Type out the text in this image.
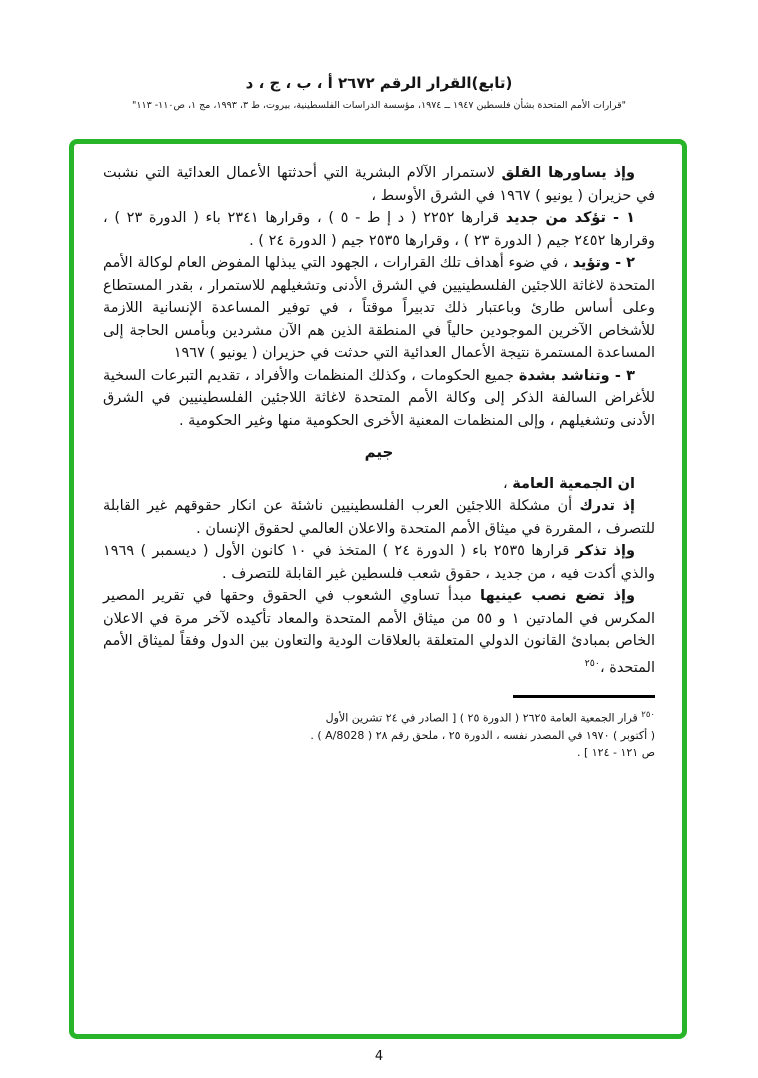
(تابع)القرار الرقم ٢٦٧٢ أ ، ب ، ج ، د
"قرارات الأمم المتحدة بشأن فلسطين ١٩٤٧ ــ ١٩٧٤، مؤسسة الدراسات الفلسطينية، بيروت، ط ٣، ١٩٩٣، مج ١، ص١١٠- ١١٣"

وإذ يساورها القلق لاستمرار الآلام البشرية التي أحدثتها الأعمال العدائية التي نشبت في حزيران ( يونيو ) ١٩٦٧ في الشرق الأوسط ،

١ - تؤكد من جديد قرارها ٢٢٥٢ ( د إ ط - ٥ ) ، وقرارها ٢٣٤١ باء ( الدورة ٢٣ ) ، وقرارها ٢٤٥٢ جيم ( الدورة ٢٣ ) ، وقرارها ٢٥٣٥ جيم ( الدورة ٢٤ ) .

٢ - وتؤيد ، في ضوء أهداف تلك القرارات ، الجهود التي يبذلها المفوض العام لوكالة الأمم المتحدة لاغاثة اللاجئين الفلسطينيين في الشرق الأدنى وتشغيلهم للاستمرار ، بقدر المستطاع وعلى أساس طارئ وباعتبار ذلك تدبيراً موقتاً ، في توفير المساعدة الإنسانية اللازمة للأشخاص الآخرين الموجودين حالياً في المنطقة الذين هم الآن مشردين وبأمس الحاجة إلى المساعدة المستمرة نتيجة الأعمال العدائية التي حدثت في حزيران ( يونيو ) ١٩٦٧

٣ - وتناشد بشدة جميع الحكومات ، وكذلك المنظمات والأفراد ، تقديم التبرعات السخية للأغراض السالفة الذكر إلى وكالة الأمم المتحدة لاغاثة اللاجئين الفلسطينيين في الشرق الأدنى وتشغيلهم ، وإلى المنظمات المعنية الأخرى الحكومية منها وغير الحكومية .

جيم

ان الجمعية العامة ،

إذ تدرك أن مشكلة اللاجئين العرب الفلسطينيين ناشئة عن انكار حقوقهم غير القابلة للتصرف ، المقررة في ميثاق الأمم المتحدة والاعلان العالمي لحقوق الإنسان .

وإذ تذكر قرارها ٢٥٣٥ باء ( الدورة ٢٤ ) المتخذ في ١٠ كانون الأول ( ديسمبر ) ١٩٦٩ والذي أكدت فيه ، من جديد ، حقوق شعب فلسطين غير القابلة للتصرف .

وإذ تضع نصب عينيها مبدأ تساوي الشعوب في الحقوق وحقها في تقرير المصير المكرس في المادتين ١ و ٥٥ من ميثاق الأمم المتحدة والمعاد تأكيده لآخر مرة في الاعلان الخاص بمبادئ القانون الدولي المتعلقة بالعلاقات الودية والتعاون بين الدول وفقاً لميثاق الأمم المتحدة ،$^{٢٥٠}$

$^{٢٥٠}$ قرار الجمعية العامة ٢٦٢٥ ( الدورة ٢٥ ) [ الصادر في ٢٤ تشرين الأول
( أكتوبر ) ١٩٧٠ في المصدر نفسه ، الدورة ٢٥ ، ملحق رقم ٢٨ ( A/8028 ) .
ص ١٢١ - ١٢٤ ] .
4
